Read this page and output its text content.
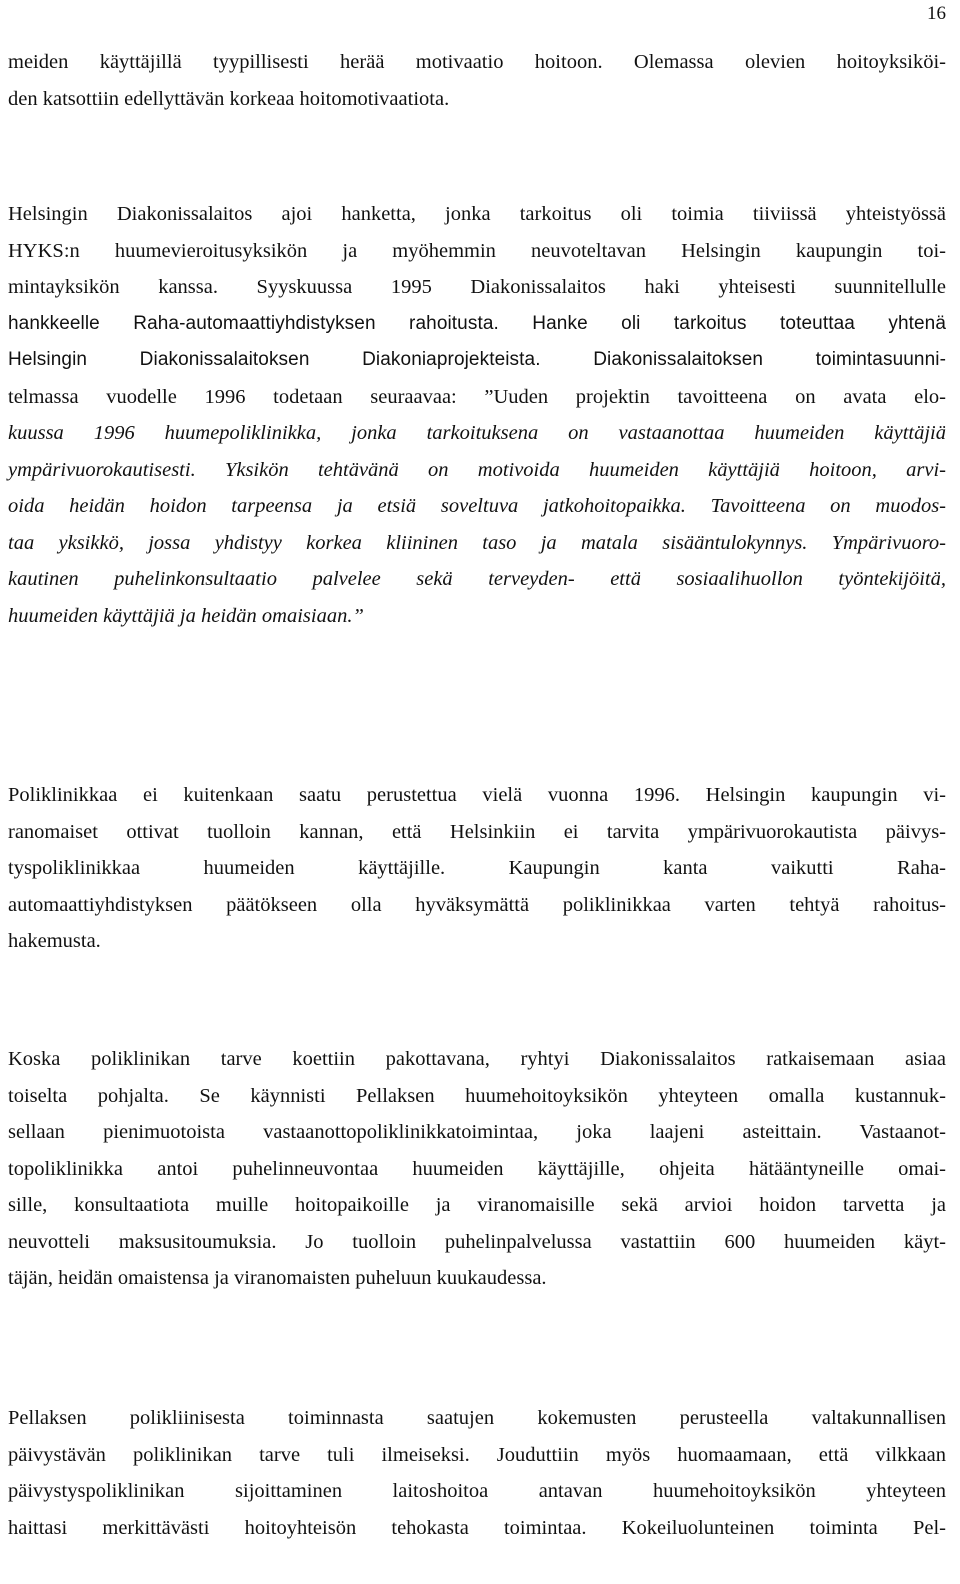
16

meiden käyttäjillä tyypillisesti herää motivaatio hoitoon. Olemassa olevien hoitoyksiköi-
den katsottiin edellyttävän korkeaa hoitomotivaatiota.

Helsingin Diakonissalaitos ajoi hanketta, jonka tarkoitus oli toimia tiiviissä yhteistyössä
HYKS:n huumevieroitusyksikön ja myöhemmin neuvoteltavan Helsingin kaupungin toi-
mintayksikön kanssa. Syyskuussa 1995 Diakonissalaitos haki yhteisesti suunnitellulle
hankkeelle Raha-automaattiyhdistyksen rahoitusta. Hanke oli tarkoitus toteuttaa yhtenä
Helsingin Diakonissalaitoksen Diakoniaprojekteista. Diakonissalaitoksen toimintasuunni-
telmassa vuodelle 1996 todetaan seuraavaa: ”Uuden projektin tavoitteena on avata elo-
kuussa 1996 huumepoliklinikka, jonka tarkoituksena on vastaanottaa huumeiden käyttäjiä
ympärivuorokautisesti. Yksikön tehtävänä on motivoida huumeiden käyttäjiä hoitoon, arvi-
oida heidän hoidon tarpeensa ja etsiä soveltuva jatkohoitopaikka. Tavoitteena on muodos-
taa yksikkö, jossa yhdistyy korkea kliininen taso ja matala sisääntulokynnys. Ympärivuoro-
kautinen puhelinkonsultaatio palvelee sekä terveyden- että sosiaalihuollon työntekijöitä,
huumeiden käyttäjiä ja heidän omaisiaan.”

Poliklinikkaa ei kuitenkaan saatu perustettua vielä vuonna 1996. Helsingin kaupungin vi-
ranomaiset ottivat tuolloin kannan, että Helsinkiin ei tarvita ympärivuorokautista päivys-
tyspoliklinikkaa huumeiden käyttäjille. Kaupungin kanta vaikutti Raha-
automaattiyhdistyksen päätökseen olla hyväksymättä poliklinikkaa varten tehtyä rahoitus-
hakemusta.

Koska poliklinikan tarve koettiin pakottavana, ryhtyi Diakonissalaitos ratkaisemaan asiaa
toiselta pohjalta. Se käynnisti Pellaksen huumehoitoyksikön yhteyteen omalla kustannuk-
sellaan pienimuotoista vastaanottopoliklinikkatoimintaa, joka laajeni asteittain. Vastaanot-
topoliklinikka antoi puhelinneuvontaa huumeiden käyttäjille, ohjeita hätääntyneille omai-
sille, konsultaatiota muille hoitopaikoille ja viranomaisille sekä arvioi hoidon tarvetta ja
neuvotteli maksusitoumuksia. Jo tuolloin puhelinpalvelussa vastattiin 600 huumeiden käyt-
täjän, heidän omaistensa ja viranomaisten puheluun kuukaudessa.

Pellaksen polikliinisesta toiminnasta saatujen kokemusten perusteella valtakunnallisen
päivystävän poliklinikan tarve tuli ilmeiseksi. Jouduttiin myös huomaamaan, että vilkkaan
päivystyspoliklinikan sijoittaminen laitoshoitoa antavan huumehoitoyksikön yhteyteen
haittasi merkittävästi hoitoyhteisön tehokasta toimintaa. Kokeiluolunteinen toiminta Pel-
